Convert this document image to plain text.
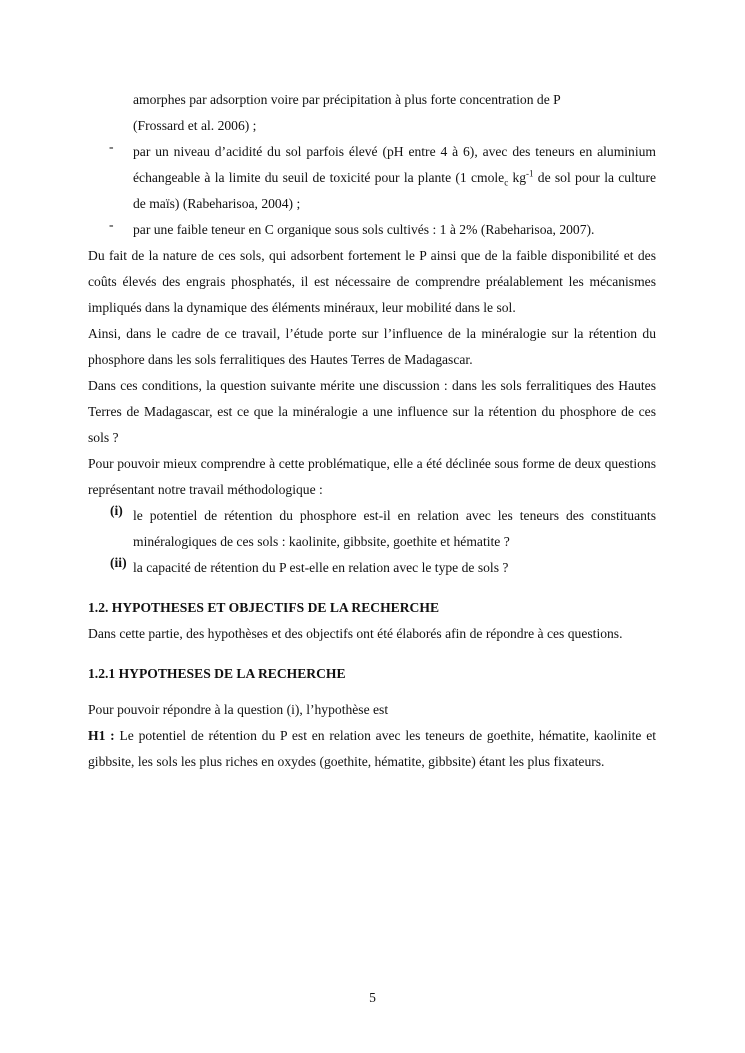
amorphes par adsorption voire par précipitation à plus forte concentration de P

(Frossard et al. 2006) ;

- par un niveau d’acidité du sol parfois élevé (pH entre 4 à 6), avec des teneurs en aluminium échangeable à la limite du seuil de toxicité pour la plante (1 cmole$_c$ $kg^{-1}$ de sol pour la culture de maïs) (Rabeharisoa, 2004) ;

- par une faible teneur en C organique sous sols cultivés : 1 à 2% (Rabeharisoa, 2007).

Du fait de la nature de ces sols, qui adsorbent fortement le P ainsi que de la faible disponibilité et des coûts élevés des engrais phosphatés, il est nécessaire de comprendre préalablement les mécanismes impliqués dans la dynamique des éléments minéraux, leur mobilité dans le sol.

Ainsi, dans le cadre de ce travail, l’étude porte sur l’influence de la minéralogie sur la rétention du phosphore dans les sols ferralitiques des Hautes Terres de Madagascar.

Dans ces conditions, la question suivante mérite une discussion : dans les sols ferralitiques des Hautes Terres de Madagascar, est ce que la minéralogie a une influence sur la rétention du phosphore de ces sols ?

Pour pouvoir mieux comprendre à cette problématique, elle a été déclinée sous forme de deux questions représentant notre travail méthodologique :

(i) le potentiel de rétention du phosphore est-il en relation avec les teneurs des constituants minéralogiques de ces sols : kaolinite, gibbsite, goethite et hématite ?

(ii) la capacité de rétention du P est-elle en relation avec le type de sols ?

1.2. HYPOTHESES ET OBJECTIFS DE LA RECHERCHE

Dans cette partie, des hypothèses et des objectifs ont été élaborés afin de répondre à ces questions.

1.2.1 HYPOTHESES DE LA RECHERCHE

Pour pouvoir répondre à la question (i), l’hypothèse est

H1 : Le potentiel de rétention du P est en relation avec les teneurs de goethite, hématite, kaolinite et gibbsite, les sols les plus riches en oxydes (goethite, hématite, gibbsite) étant les plus fixateurs.

5
